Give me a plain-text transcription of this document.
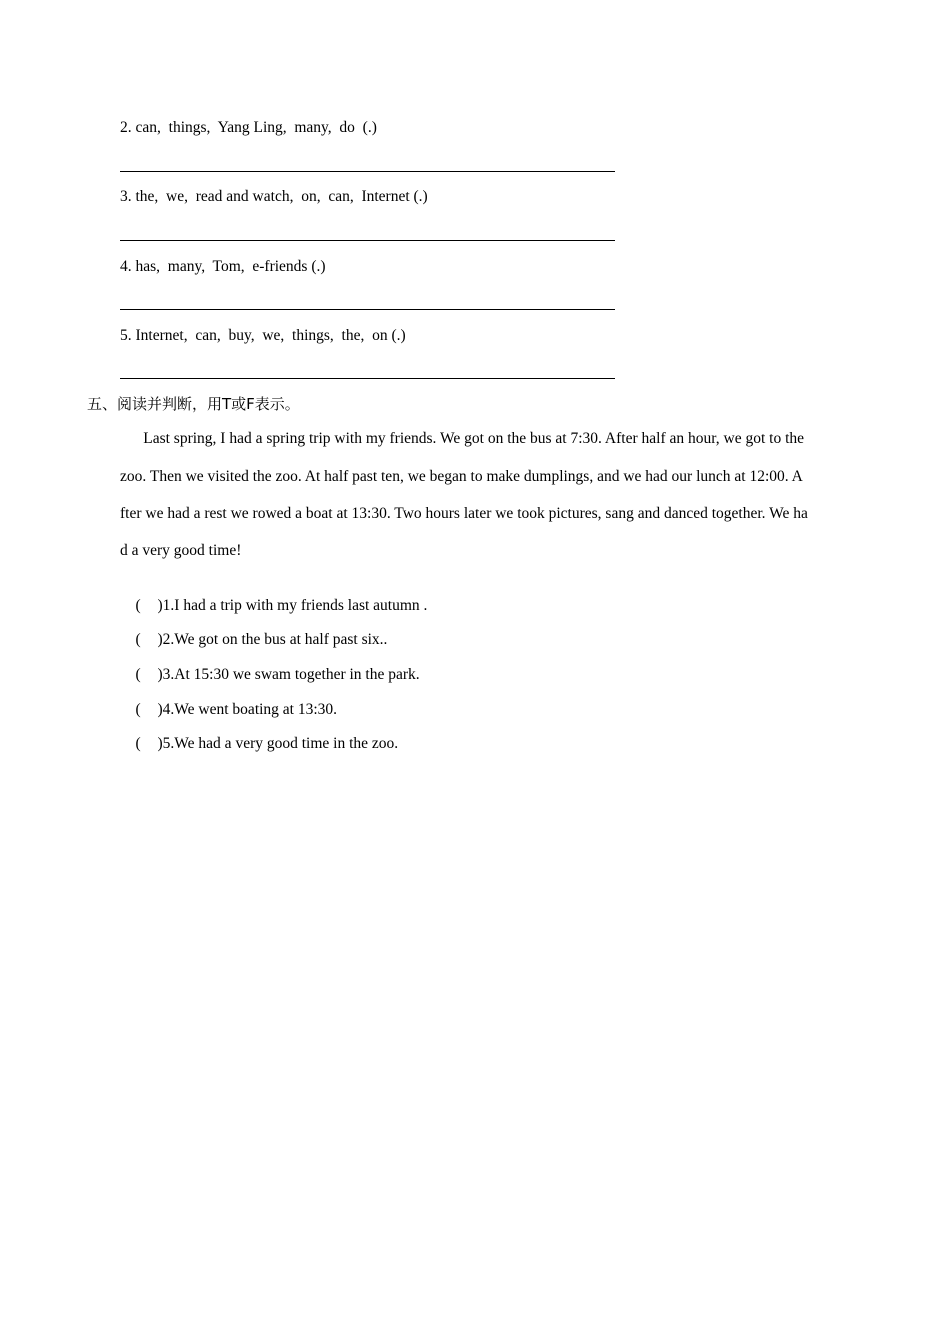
2. can,  things,  Yang Ling,  many,  do  (.)
3. the,  we,  read and watch,  on,  can,  Internet (.)
4. has,  many,  Tom,  e-friends (.)
5. Internet,  can,  buy,  we,  things,  the,  on (.)
五、阅读并判断，用T或F表示。
Last spring, I had a spring trip with my friends. We got on the bus at 7:30. After half an hour, we got to the
zoo. Then we visited the zoo. At half past ten, we began to make dumplings, and we had our lunch at 12:00. A
fter we had a rest we rowed a boat at 13:30. Two hours later we took pictures, sang and danced together. We ha
d a very good time!

( )1.I had a trip with my friends last autumn .

( )2.We got on the bus at half past six..

( )3.At 15:30 we swam together in the park.

( )4.We went boating at 13:30.

( )5.We had a very good time in the zoo.
